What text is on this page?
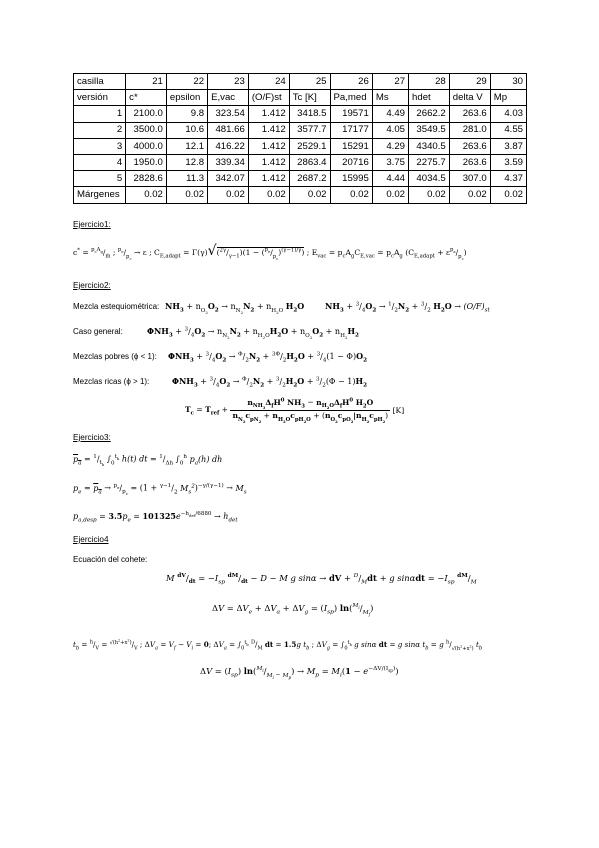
casilla	21	22	23	24	25	26	27	28	29	30
versión	c*	epsilon	E,vac	(O/F)st	Tc [K]	Pa,med	Ms	hdet	delta V	Mp
1	2100.0	9.8	323.54	1.412	3418.5	19571	4.49	2662.2	263.6	4.03
2	3500.0	10.6	481.66	1.412	3577.7	17177	4.05	3549.5	281.0	4.55
3	4000.0	12.1	416.22	1.412	2529.1	15291	4.29	4340.5	263.6	3.87
4	1950.0	12.8	339.34	1.412	2863.4	20716	3.75	2275.7	263.6	3.59
5	2828.6	11.3	342.07	1.412	2687.2	15995	4.44	4034.5	307.0	4.37
Márgenes	0.02	0.02	0.02	0.02	0.02	0.02	0.02	0.02	0.02	0.02
Ejercicio1:
$c^* = ^{p_cA_g}/_ṁ$ ; $^{p_e}/_{p_c} \to \varepsilon$ ; $C_{E,adapt} = \Gamma(\gamma)√(^{2\gamma}/_{\gamma-1})(1 - (^{p_e}/_{p_c})^{(\gamma-1)/\gamma})$ ; $E_{vac} = p_cA_gC_{E,vac} = p_cA_g$ $(C_{E,adapt} + \varepsilon^{p_a}/_{p_c})$
Ejercicio2:
Mezcla estequiométrica: $NH_3 + n_{O_2}O_2 \to n_{N_2}N_2 + n_{H_2O}$ $H_2O$	$NH_3 + ^3/_4O_2 \to ^1/_2N_2 + ^3/_2$ $H_2O \to (O/F)_{st}$
Caso general:	$\Phi NH_3 + ^3/_4O_2 \to n_{N_2}N_2 + n_{H_2O}H_2O + n_{O_2}O_2 + n_{H_2}H_2$
Mezclas pobres (ϕ < 1): $\Phi NH_3 + ^3/_4O_2 \to ^\Phi/_2N_2 + ^{3\Phi}/_2H_2O + ^3/_4(1 - \Phi)O_2$
Mezclas ricas (ϕ > 1):	$\Phi NH_3 + ^3/_4O_2 \to ^\Phi/_2N_2 + ^3/_2H_2O + ^3/_2(\Phi - 1)H_2$
$T_c = T_{ref}$ +
$n_{NH_3}\Delta_fH^0$ $NH_3 - n_{H_2O}\Delta_fH^0$ $H_2O$
$n_{N_2}c_{pN_2} + n_{H_2O}c_{pH_2O} + (n_{O_2}c_{pO_2}|n_{H_2}c_{pH_2})$
[K]
Ejercicio3:
$p_a = ^1/_{t_h}$ $\int_0^{t_h}$ h(t) dt = $^1/_{\Delta h}$ $\int_0^h$ $p_a(h)$ dh
$p_e = p_a \to ^{p_e}/_{p_c} = (1 + ^{\gamma-1}/_2$ $M_s^2)^{-\gamma/(\gamma-1)} \to M_s$
$p_{a,desp} = 3.5p_e = 101325e^{-h_{det}/6880} \to h_{det}$
Ejercicio4
Ecuación del cohete:
M $^{dV}/_{dt} = -I_{sp}$ $^{dM}/_{dt} - D - M$ g sinα → dV + $^D/_Mdt + g$ $\sin\alpha dt = -I_{sp}$ $^{dM}/_M$
$\Delta V = \Delta V_e + \Delta V_a + \Delta V_g = (I_{sp})$ $\ln(^{M_i}/_{M_f})$
$t_b = ^h/_V = ^{√(h^2+x^2)}/_V$ ; $\Delta V_a = V_f - V_i = 0$; $\Delta V_a = \int_0^{t_b}$ $^D/_M$ dt = 1.5g $t_b$ ; $\Delta V_g = \int_0^{t_b}$ g sinα dt = g sinα $t_b = g$ $^h/_{√(h^2+x^2)}$ $t_b$
$\Delta V = (I_{sp}) \ln(^{M_i}/_{M_i - M_p}) \to M_p = M_i(1 - e^{-\Delta V/(I_{sp})})$
